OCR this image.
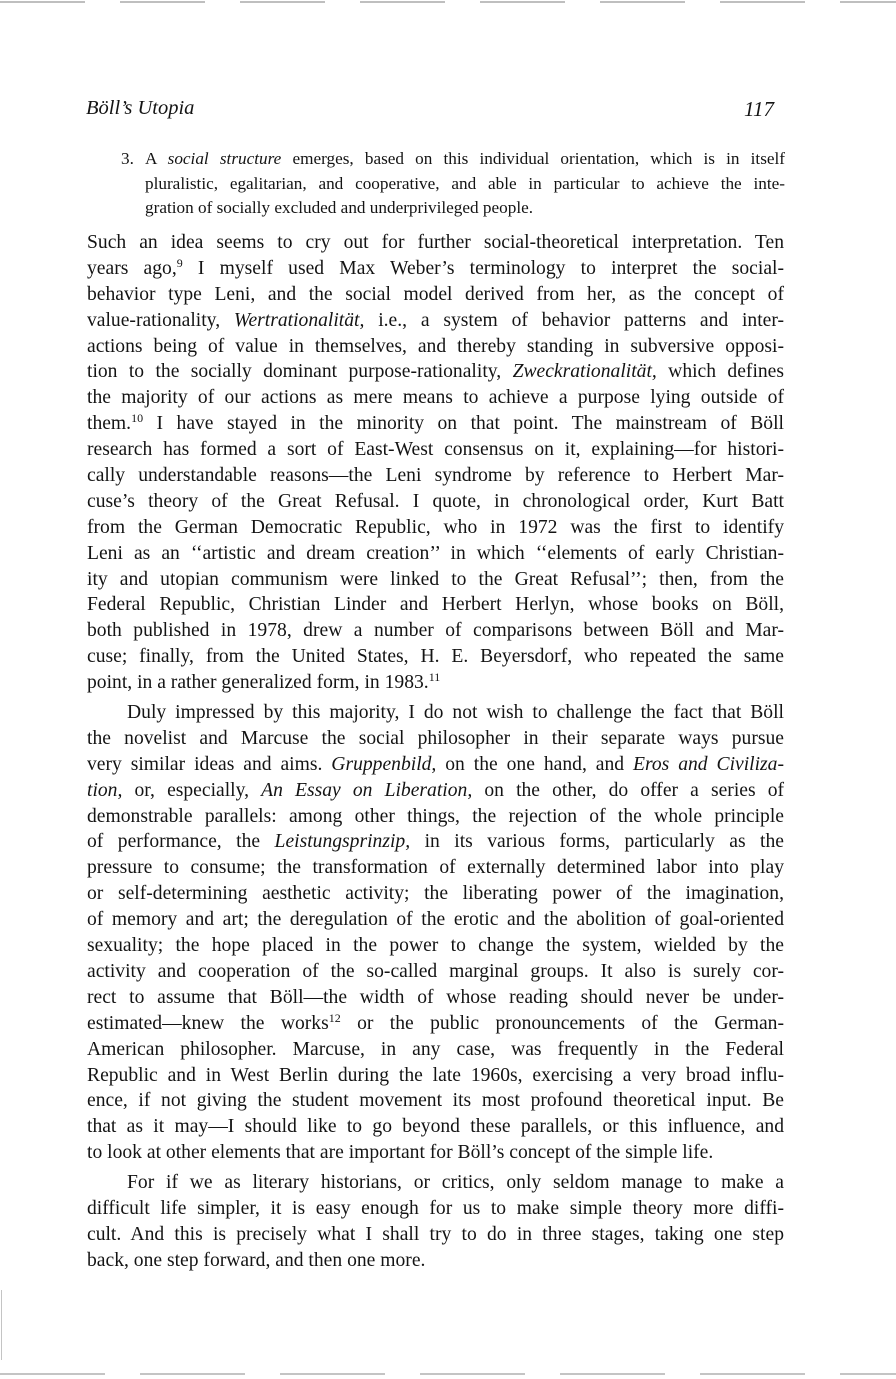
Böll’s Utopia	117
3. A social structure emerges, based on this individual orientation, which is in itself
pluralistic, egalitarian, and cooperative, and able in particular to achieve the inte-
gration of socially excluded and underprivileged people.
Such an idea seems to cry out for further social-theoretical interpretation. Ten
years ago,$^9$ I myself used Max Weber’s terminology to interpret the social-
behavior type Leni, and the social model derived from her, as the concept of
value-rationality, Wertrationalität, i.e., a system of behavior patterns and inter-
actions being of value in themselves, and thereby standing in subversive opposi-
tion to the socially dominant purpose-rationality, Zweckrationalität, which defines
the majority of our actions as mere means to achieve a purpose lying outside of
them.$^{10}$ I have stayed in the minority on that point. The mainstream of Böll
research has formed a sort of East-West consensus on it, explaining—for histori-
cally understandable reasons—the Leni syndrome by reference to Herbert Mar-
cuse’s theory of the Great Refusal. I quote, in chronological order, Kurt Batt
from the German Democratic Republic, who in 1972 was the first to identify
Leni as an ‘‘artistic and dream creation’’ in which ‘‘elements of early Christian-
ity and utopian communism were linked to the Great Refusal’’; then, from the
Federal Republic, Christian Linder and Herbert Herlyn, whose books on Böll,
both published in 1978, drew a number of comparisons between Böll and Mar-
cuse; finally, from the United States, H. E. Beyersdorf, who repeated the same
point, in a rather generalized form, in 1983.11
Duly impressed by this majority, I do not wish to challenge the fact that Böll
the novelist and Marcuse the social philosopher in their separate ways pursue
very similar ideas and aims. Gruppenbild, on the one hand, and Eros and Civiliza-
tion, or, especially, An Essay on Liberation, on the other, do offer a series of
demonstrable parallels: among other things, the rejection of the whole principle
of performance, the Leistungsprinzip, in its various forms, particularly as the
pressure to consume; the transformation of externally determined labor into play
or self-determining aesthetic activity; the liberating power of the imagination,
of memory and art; the deregulation of the erotic and the abolition of goal-oriented
sexuality; the hope placed in the power to change the system, wielded by the
activity and cooperation of the so-called marginal groups. It also is surely cor-
rect to assume that Böll—the width of whose reading should never be under-
estimated—knew the works$^{12}$ or the public pronouncements of the German-
American philosopher. Marcuse, in any case, was frequently in the Federal
Republic and in West Berlin during the late 1960s, exercising a very broad influ-
ence, if not giving the student movement its most profound theoretical input. Be
that as it may—I should like to go beyond these parallels, or this influence, and
to look at other elements that are important for Böll’s concept of the simple life.
For if we as literary historians, or critics, only seldom manage to make a
difficult life simpler, it is easy enough for us to make simple theory more diffi-
cult. And this is precisely what I shall try to do in three stages, taking one step
back, one step forward, and then one more.
